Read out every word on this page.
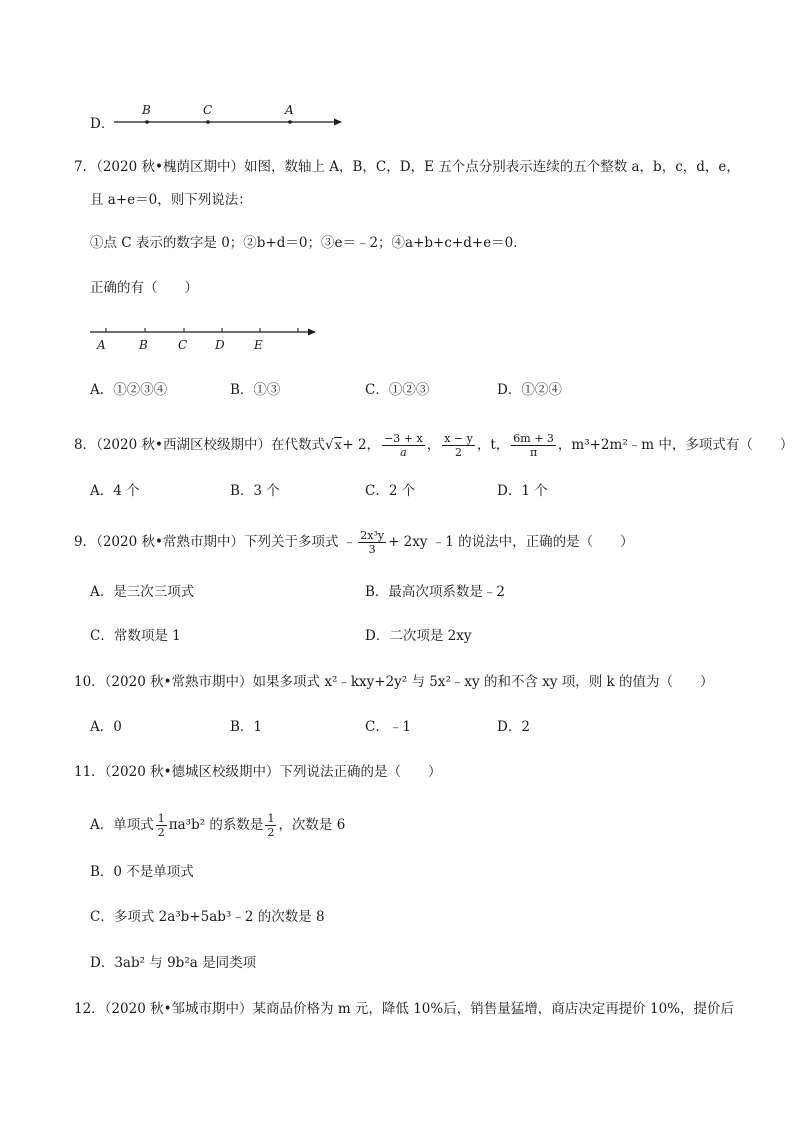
D．
B	C	A
7．（2020 秋•槐荫区期中）如图，数轴上 A，B，C，D，E 五个点分别表示连续的五个整数 a，b，c，d，e，
且 a+e＝0，则下列说法：
①点 C 表示的数字是 0；②b+d＝0；③e＝﹣2；④a+b+c+d+e＝0．
正确的有（　　）
A	B	C D E
A．①②③④	B．①③	C．①②③	D．①②④
8．（2020 秋•西湖区校级期中）在代数式√x+ 2， $\frac{-3 + x}{a}$ ， $\frac{x - y}{2}$ ，t， $\frac{6m + 3}{\pi}$ ，m³+2m²﹣m 中，多项式有（　　）
A．4 个	B．3 个	C．2 个	D．1 个
9．（2020 秋•常熟市期中）下列关于多项式 ﹣ $\frac{\text{2x³y}}{3} + 2xy$ ﹣1 的说法中，正确的是（　　）
A．是三次三项式	B．最高次项系数是﹣2
C．常数项是 1	D．二次项是 2xy
10．（2020 秋•常熟市期中）如果多项式 x²﹣kxy+2y² 与 5x²﹣xy 的和不含 xy 项，则 k 的值为（　　）
A．0	B．1	C．﹣1	D．2
11．（2020 秋•德城区校级期中）下列说法正确的是（　　）
A．单项式 $\frac{1}{2} \pi a^3b^2$ 的系数是 $\frac{1}{2}$ ，次数是 6
B．0 不是单项式
C．多项式 2a³b+5ab³﹣2 的次数是 8
D．3ab² 与 9b²a 是同类项
12．（2020 秋•邹城市期中）某商品价格为 m 元，降低 10%后，销售量猛增，商店决定再提价 10%，提价后
